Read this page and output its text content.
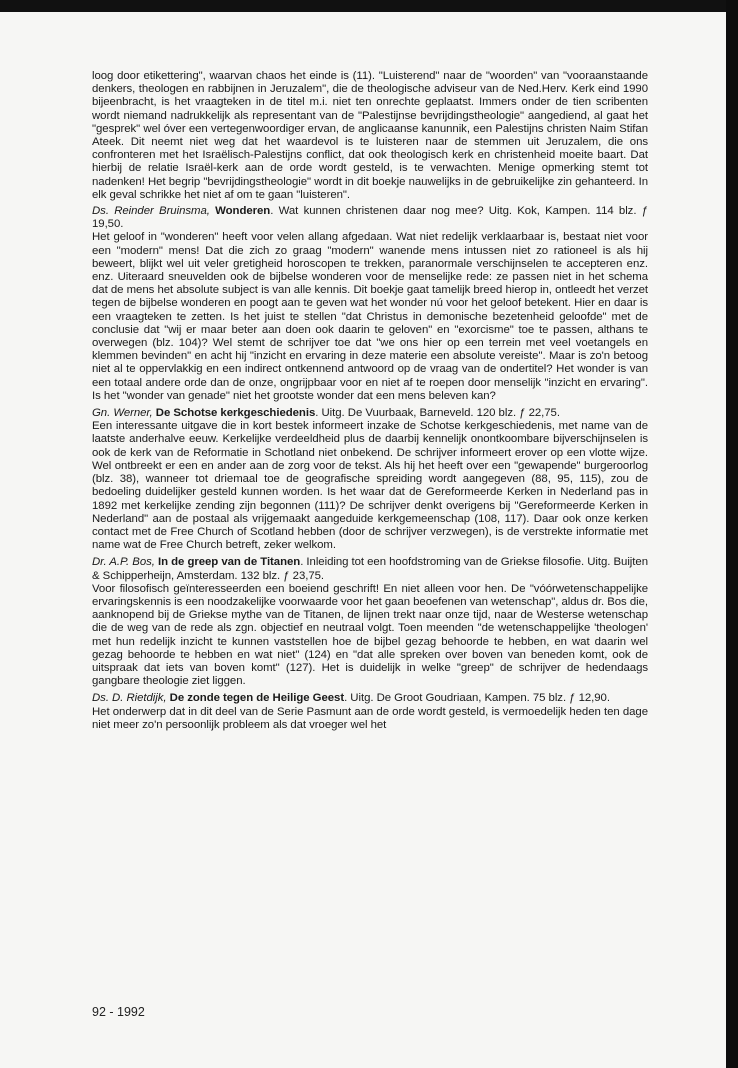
loog door etikettering", waarvan chaos het einde is (11). "Luisterend" naar de "woorden" van "vooraanstaande denkers, theologen en rabbijnen in Jeruzalem", die de theologische adviseur van de Ned.Herv. Kerk eind 1990 bijeenbracht, is het vraagteken in de titel m.i. niet ten onrechte geplaatst. Immers onder de tien scribenten wordt niemand nadrukkelijk als representant van de "Palestijnse bevrijdingstheologie" aangediend, al gaat het "gesprek" wel óver een vertegenwoordiger ervan, de anglicaanse kanunnik, een Palestijns christen Naim Stifan Ateek. Dit neemt niet weg dat het waardevol is te luisteren naar de stemmen uit Jeruzalem, die ons confronteren met het Israëlisch-Palestijns conflict, dat ook theologisch kerk en christenheid moeite baart. Dat hierbij de relatie Israël-kerk aan de orde wordt gesteld, is te verwachten. Menige opmerking stemt tot nadenken! Het begrip "bevrijdingstheologie" wordt in dit boekje nauwelijks in de gebruikelijke zin gehanteerd. In elk geval schrikke het niet af om te gaan "luisteren".

Ds. Reinder Bruinsma, Wonderen. Wat kunnen christenen daar nog mee? Uitg. Kok, Kampen. 114 blz. ƒ 19,50.
Het geloof in "wonderen" heeft voor velen allang afgedaan. Wat niet redelijk verklaarbaar is, bestaat niet voor een "modern" mens! Dat die zich zo graag "modern" wanende mens intussen niet zo rationeel is als hij beweert, blijkt wel uit veler gretigheid horoscopen te trekken, paranormale verschijnselen te accepteren enz. enz. Uiteraard sneuvelden ook de bijbelse wonderen voor de menselijke rede: ze passen niet in het schema dat de mens het absolute subject is van alle kennis. Dit boekje gaat tamelijk breed hierop in, ontleedt het verzet tegen de bijbelse wonderen en poogt aan te geven wat het wonder nú voor het geloof betekent. Hier en daar is een vraagteken te zetten. Is het juist te stellen "dat Christus in demonische bezetenheid geloofde" met de conclusie dat "wij er maar beter aan doen ook daarin te geloven" en "exorcisme" toe te passen, althans te overwegen (blz. 104)? Wel stemt de schrijver toe dat "we ons hier op een terrein met veel voetangels en klemmen bevinden" en acht hij "inzicht en ervaring in deze materie een absolute vereiste". Maar is zo'n betoog niet al te oppervlakkig en een indirect ontkennend antwoord op de vraag van de ondertitel? Het wonder is van een totaal andere orde dan de onze, ongrijpbaar voor en niet af te roepen door menselijk "inzicht en ervaring". Is het "wonder van genade" niet het grootste wonder dat een mens beleven kan?
Gn. Werner, De Schotse kerkgeschiedenis. Uitg. De Vuurbaak, Barneveld. 120 blz. ƒ 22,75.
Een interessante uitgave die in kort bestek informeert inzake de Schotse kerkgeschiedenis, met name van de laatste anderhalve eeuw. Kerkelijke verdeeldheid plus de daarbij kennelijk onontkoombare bijverschijnselen is ook de kerk van de Reformatie in Schotland niet onbekend. De schrijver informeert erover op een vlotte wijze. Wel ontbreekt er een en ander aan de zorg voor de tekst. Als hij het heeft over een "gewapende" burgeroorlog (blz. 38), wanneer tot driemaal toe de geografische spreiding wordt aangegeven (88, 95, 115), zou de bedoeling duidelijker gesteld kunnen worden. Is het waar dat de Gereformeerde Kerken in Nederland pas in 1892 met kerkelijke zending zijn begonnen (111)? De schrijver denkt overigens bij "Gereformeerde Kerken in Nederland" aan de postaal als vrijgemaakt aangeduide kerkgemeenschap (108, 117). Daar ook onze kerken contact met de Free Church of Scotland hebben (door de schrijver verzwegen), is de verstrekte informatie met name wat de Free Church betreft, zeker welkom.
Dr. A.P. Bos, In de greep van de Titanen. Inleiding tot een hoofdstroming van de Griekse filosofie. Uitg. Buijten & Schipperheijn, Amsterdam. 132 blz. ƒ 23,75.
Voor filosofisch geïnteresseerden een boeiend geschrift! En niet alleen voor hen. De "vóórwetenschappelijke ervaringskennis is een noodzakelijke voorwaarde voor het gaan beoefenen van wetenschap", aldus dr. Bos die, aanknopend bij de Griekse mythe van de Titanen, de lijnen trekt naar onze tijd, naar de Westerse wetenschap die de weg van de rede als zgn. objectief en neutraal volgt. Toen meenden "de wetenschappelijke 'theologen' met hun redelijk inzicht te kunnen vaststellen hoe de bijbel gezag behoorde te hebben, en wat daarin wel gezag behoorde te hebben en wat niet" (124) en "dat alle spreken over boven van beneden komt, ook de uitspraak dat iets van boven komt" (127). Het is duidelijk in welke "greep" de schrijver de hedendaags gangbare theologie ziet liggen.
Ds. D. Rietdijk, De zonde tegen de Heilige Geest. Uitg. De Groot Goudriaan, Kampen. 75 blz. ƒ 12,90.
Het onderwerp dat in dit deel van de Serie Pasmunt aan de orde wordt gesteld, is vermoedelijk heden ten dage niet meer zo'n persoonlijk probleem als dat vroeger wel het
92 - 1992
